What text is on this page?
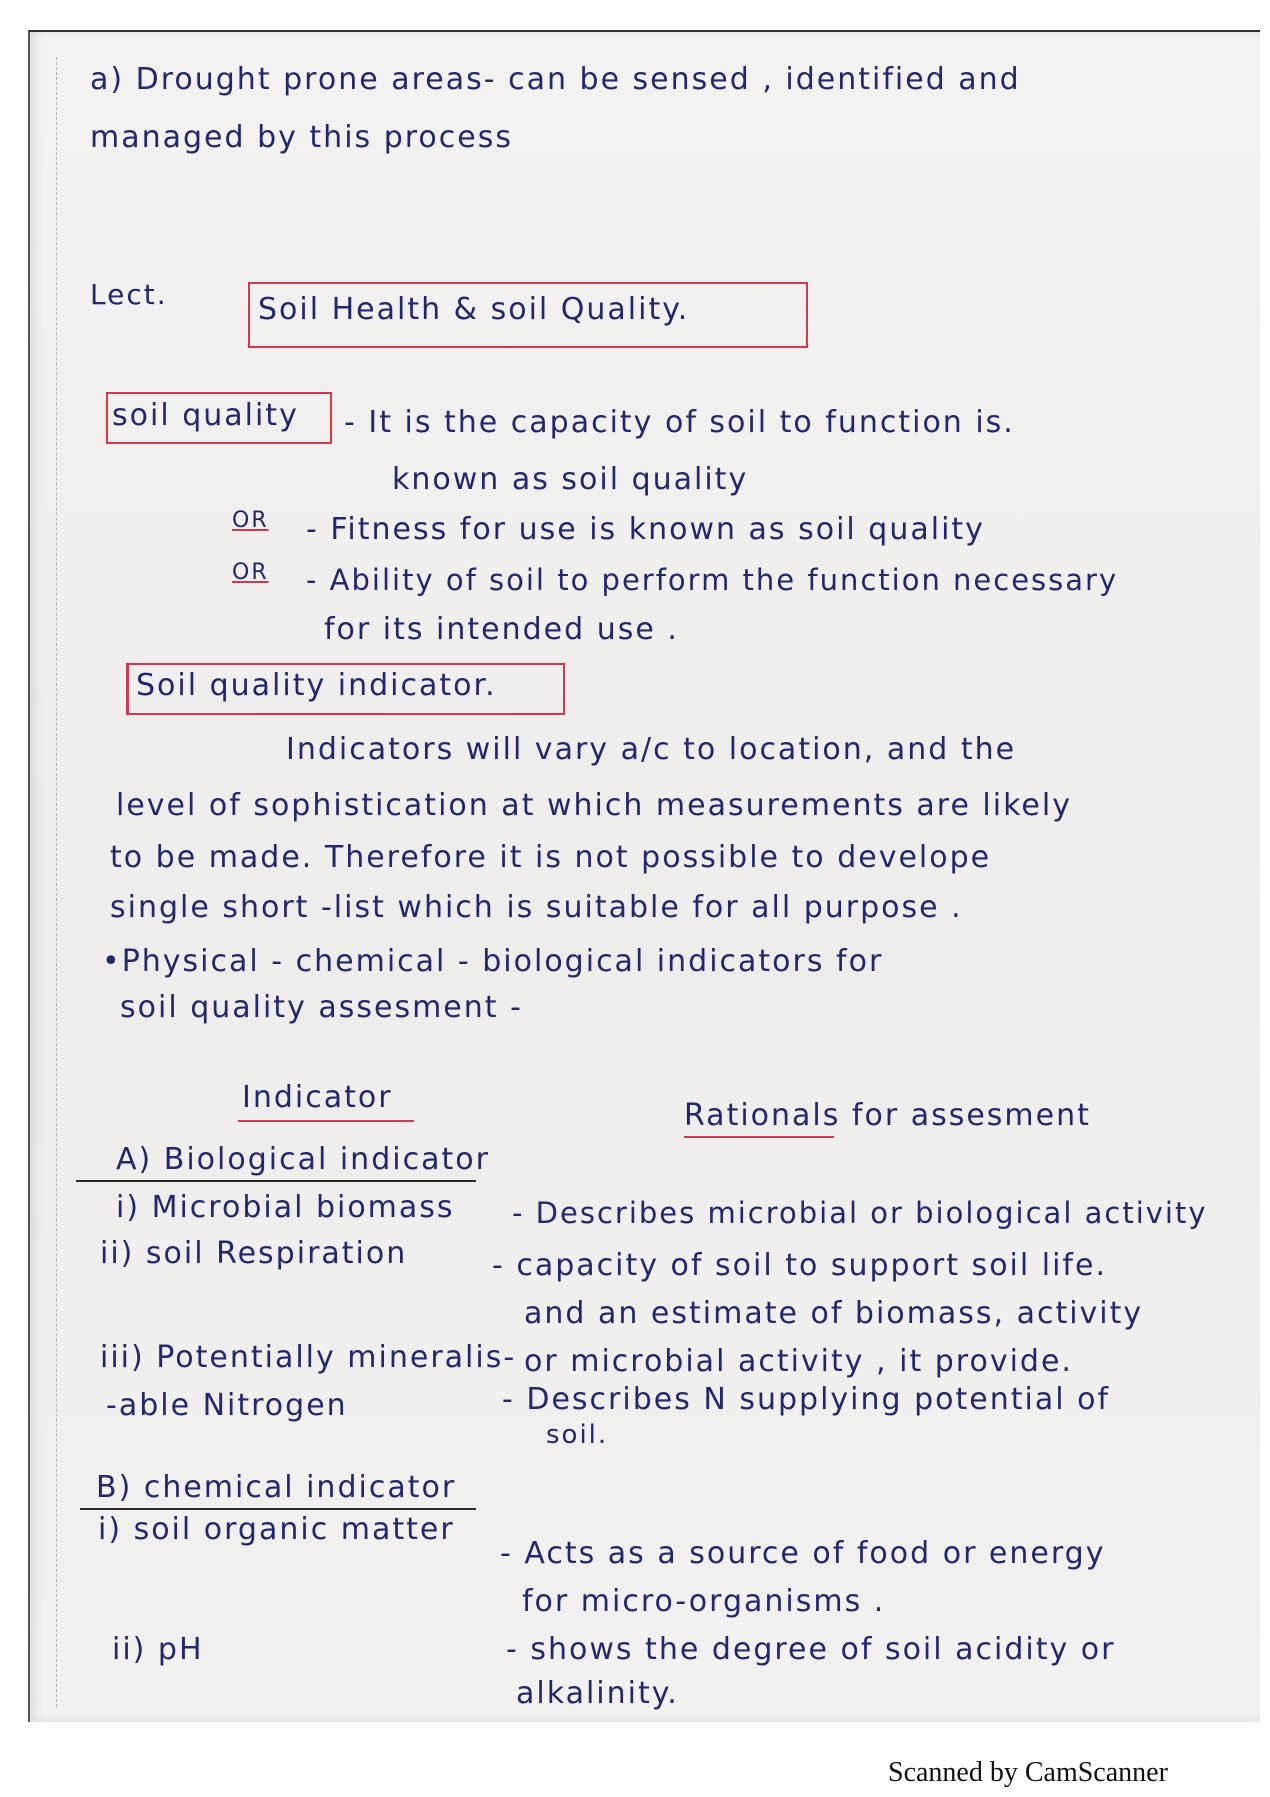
a) Drought prone areas- can be sensed , identified and
managed by this process
Lect.	Soil Health & soil Quality.
soil quality - It is the capacity of soil to function is.
known as soil quality
OR - Fitness for use is known as soil quality
OR - Ability of soil to perform the function necessary
for its intended use .
Soil quality indicator.
Indicators will vary a/c to location, and the
level of sophistication at which measurements are likely
to be made. Therefore it is not possible to develope
single short -list which is suitable for all purpose .
•Physical - chemical - biological indicators for
soil quality assesment -
Indicator
Rationals for assesment
A) Biological indicator
i) Microbial biomass - Describes microbial or biological activity
ii) soil Respiration	- capacity of soil to support soil life.
and an estimate of biomass, activity
or microbial activity , it provide.
iii) Potentially mineralis-
-able Nitrogen	- Describes N supplying potential of
soil.
B) chemical indicator
i) soil organic matter
- Acts as a source of food or energy
for micro-organisms .
ii) pH	- shows the degree of soil acidity or
alkalinity.
Scanned by CamScanner
